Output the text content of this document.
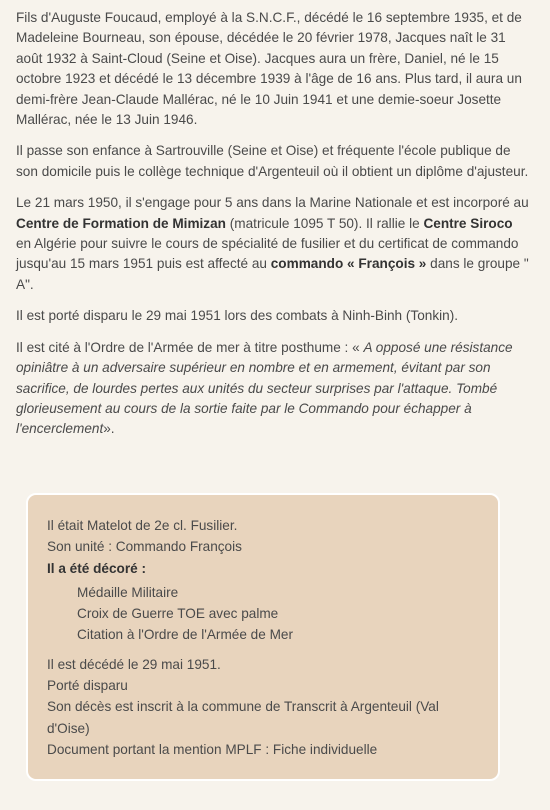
Fils d'Auguste Foucaud, employé à la S.N.C.F., décédé le 16 septembre 1935, et de Madeleine Bourneau, son épouse, décédée le 20 février 1978, Jacques naît le 31 août 1932 à Saint-Cloud (Seine et Oise). Jacques aura un frère, Daniel, né le 15 octobre 1923 et décédé le 13 décembre 1939 à l'âge de 16 ans. Plus tard, il aura un demi-frère Jean-Claude Mallérac, né le 10 Juin 1941 et une demie-soeur Josette Mallérac, née le 13 Juin 1946.

Il passe son enfance à Sartrouville (Seine et Oise) et fréquente l'école publique de son domicile puis le collège technique d'Argenteuil où il obtient un diplôme d'ajusteur.

Le 21 mars 1950, il s'engage pour 5 ans dans la Marine Nationale et est incorporé au Centre de Formation de Mimizan (matricule 1095 T 50). Il rallie le Centre Siroco en Algérie pour suivre le cours de spécialité de fusilier et du certificat de commando jusqu'au 15 mars 1951 puis est affecté au commando « François » dans le groupe " A".

Il est porté disparu le 29 mai 1951 lors des combats à Ninh-Binh (Tonkin).

Il est cité à l'Ordre de l'Armée de mer à titre posthume : « A opposé une résistance opiniâtre à un adversaire supérieur en nombre et en armement, évitant par son sacrifice, de lourdes pertes aux unités du secteur surprises par l'attaque. Tombé glorieusement au cours de la sortie faite par le Commando pour échapper à l'encerclement».

Il était Matelot de 2e cl. Fusilier.
Son unité : Commando François
Il a été décoré :
Médaille Militaire
Croix de Guerre TOE avec palme
Citation à l'Ordre de l'Armée de Mer
Il est décédé le 29 mai 1951.
Porté disparu
Son décès est inscrit à la commune de Transcrit à Argenteuil (Val d'Oise)
Document portant la mention MPLF : Fiche individuelle
